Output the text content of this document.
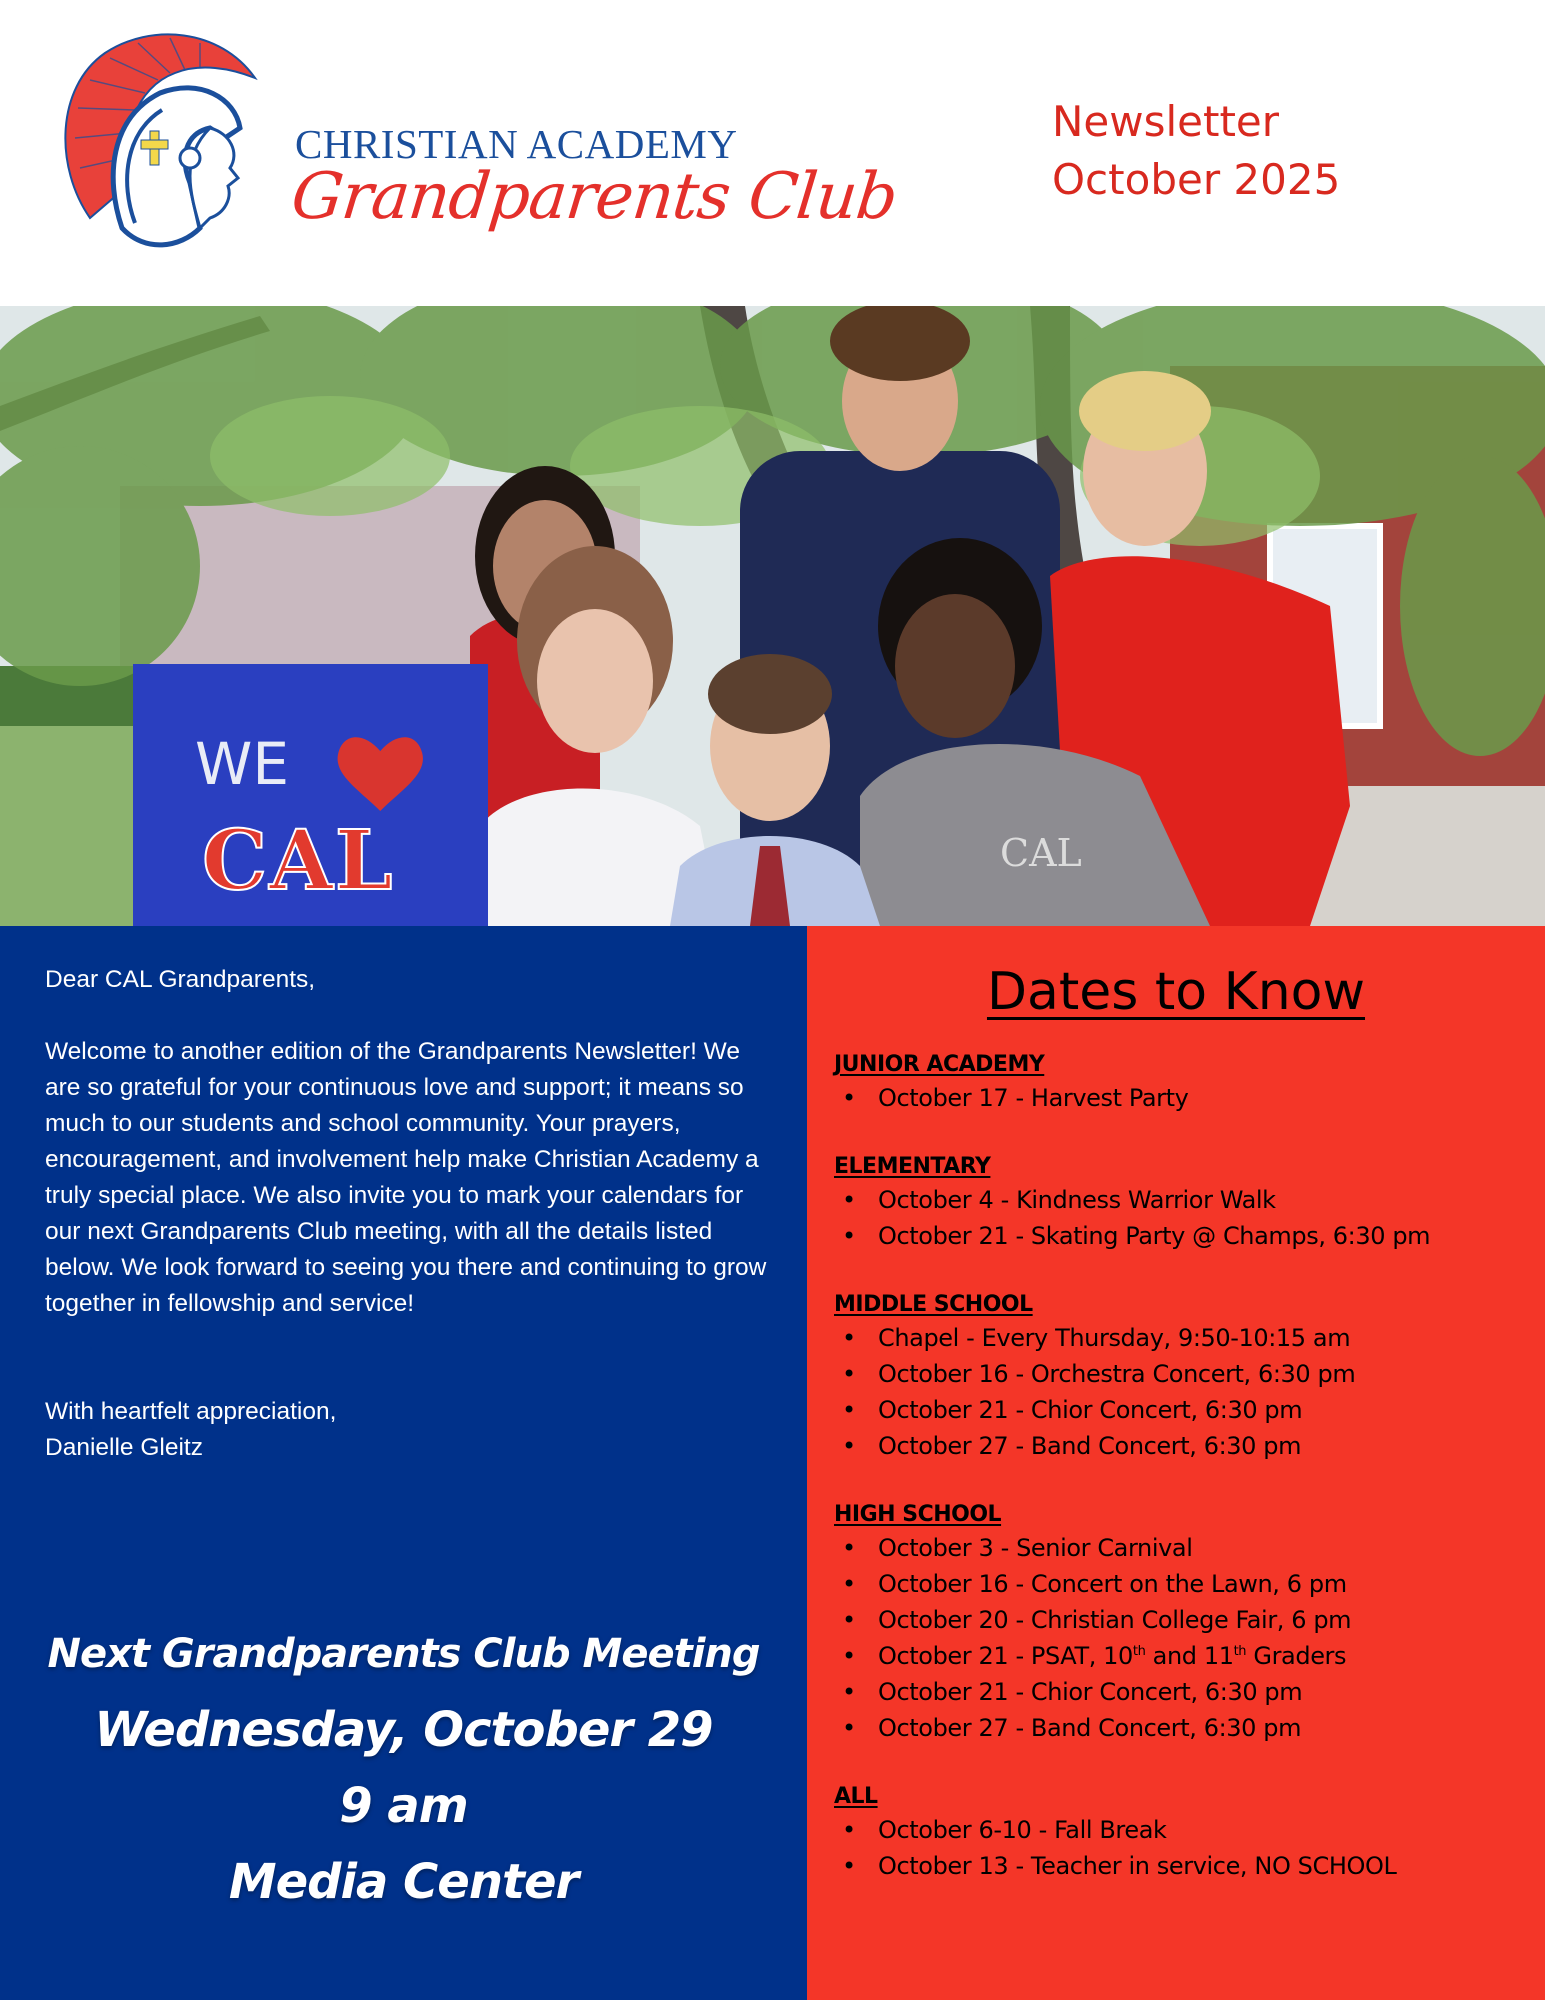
CHRISTIAN ACADEMY
Grandparents Club
Newsletter
October 2025
CAL
WE
CAL

Dear CAL Grandparents,

Welcome to another edition of the Grandparents Newsletter! We are so grateful for your continuous love and support; it means so much to our students and school community. Your prayers, encouragement, and involvement help make Christian Academy a truly special place. We also invite you to mark your calendars for our next Grandparents Club meeting, with all the details listed below. We look forward to seeing you there and continuing to grow together in fellowship and service!

With heartfelt appreciation,

Danielle Gleitz

Next Grandparents Club Meeting
Wednesday, October 29
9 am
Media Center
Dates to Know
JUNIOR ACADEMY
• October 17 - Harvest Party
ELEMENTARY
• October 4 - Kindness Warrior Walk
• October 21 - Skating Party @ Champs, 6:30 pm
MIDDLE SCHOOL
• Chapel - Every Thursday, 9:50-10:15 am
• October 16 - Orchestra Concert, 6:30 pm
• October 21 - Chior Concert, 6:30 pm
• October 27 - Band Concert, 6:30 pm
HIGH SCHOOL
• October 3 - Senior Carnival
• October 16 - Concert on the Lawn, 6 pm
• October 20 - Christian College Fair, 6 pm
• October 21 - PSAT, 10th and 11th Graders
• October 21 - Chior Concert, 6:30 pm
• October 27 - Band Concert, 6:30 pm
ALL
• October 6-10 - Fall Break
• October 13 - Teacher in service, NO SCHOOL
